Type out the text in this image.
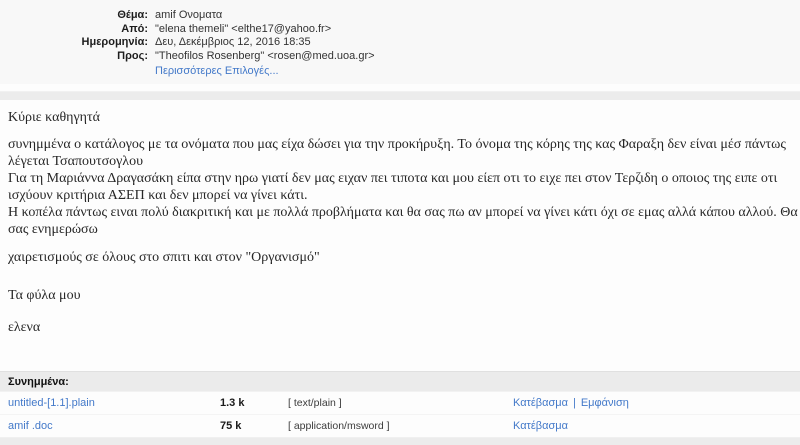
Θέμα: amif Ονοματα
Από: "elena themeli" <elthe17@yahoo.fr>
Ημερομηνία: Δευ, Δεκέμβριος 12, 2016 18:35
Προς: "Theofilos Rosenberg" <rosen@med.uoa.gr>
Περισσότερες Επιλογές...
Κύριε καθηγητά
συνημμένα ο κατάλογος με τα ονόματα που μας είχα δώσει για την προκήρυξη. Το όνομα της κόρης της κας Φαραξη δεν είναι μέσ πάντως
λέγεται Τσαπουτσογλου
Για τη Μαριάννα Δραγασάκη είπα στην ηρω γιατί δεν μας ειχαν πει τιποτα και μου είεπ οτι το ειχε πει στον Τερζιδη ο οποιος της ειπε οτι
ισχύουν κριτήρια ΑΣΕΠ και δεν μπορεί να γίνει κάτι.
Η κοπέλα πάντως ειναι πολύ διακριτική και με πολλά προβλήματα και θα σας πω αν μπορεί να γίνει κάτι όχι σε εμας αλλά κάπου αλλού. Θα
σας ενημερώσω
χαιρετισμούς σε όλους στο σπιτι και στον "Οργανισμό"
Τα φύλα μου
ελενα
Συνημμένα:
untitled-[1.1].plain	1.3 k	[ text/plain ]	Κατέβασμα | Εμφάνιση
amif .doc	75 k	[ application/msword ]	Κατέβασμα
